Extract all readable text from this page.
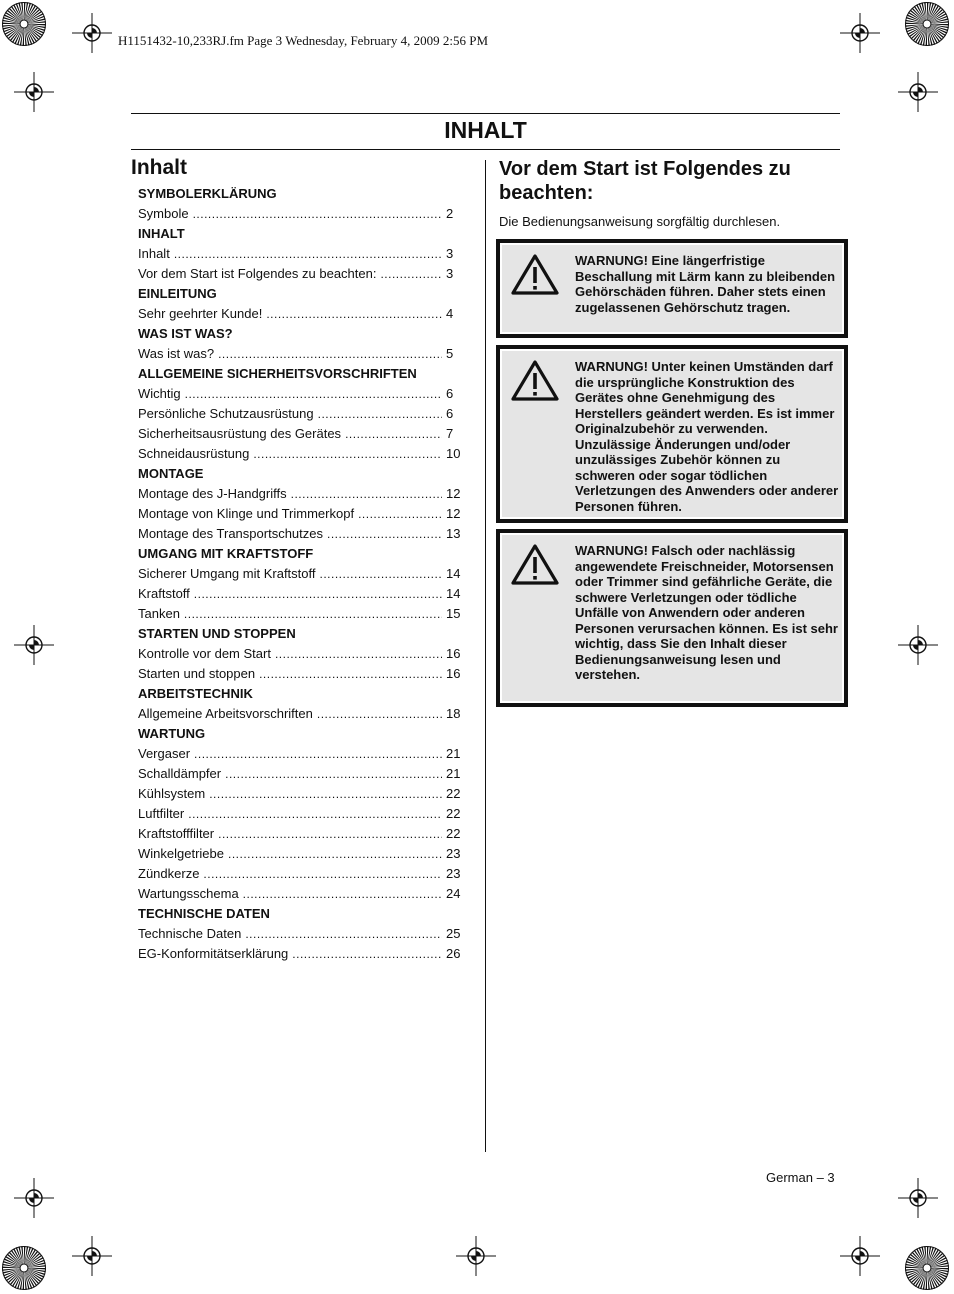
H1151432-10,233RJ.fm Page 3 Wednesday, February 4, 2009 2:56 PM
INHALT
Inhalt
SYMBOLERKLÄRUNG
Symbole .....	2
INHALT
Inhalt .....	3
Vor dem Start ist Folgendes zu beachten: .....	3
EINLEITUNG
Sehr geehrter Kunde! .....	4
WAS IST WAS?
Was ist was? .....	5
ALLGEMEINE SICHERHEITSVORSCHRIFTEN
Wichtig .....	6
Persönliche Schutzausrüstung .....	6
Sicherheitsausrüstung des Gerätes .....	7
Schneidausrüstung .....	10
MONTAGE
Montage des J-Handgriffs .....	12
Montage von Klinge und Trimmerkopf .....	12
Montage des Transportschutzes .....	13
UMGANG MIT KRAFTSTOFF
Sicherer Umgang mit Kraftstoff .....	14
Kraftstoff .....	14
Tanken .....	15
STARTEN UND STOPPEN
Kontrolle vor dem Start .....	16
Starten und stoppen .....	16
ARBEITSTECHNIK
Allgemeine Arbeitsvorschriften .....	18
WARTUNG
Vergaser .....	21
Schalldämpfer .....	21
Kühlsystem .....	22
Luftfilter .....	22
Kraftstofffilter .....	22
Winkelgetriebe .....	23
Zündkerze .....	23
Wartungsschema .....	24
TECHNISCHE DATEN
Technische Daten .....	25
EG-Konformitätserklärung .....	26
Vor dem Start ist Folgendes zu beachten:
Die Bedienungsanweisung sorgfältig durchlesen.
WARNUNG! Eine längerfristige Beschallung mit Lärm kann zu bleibenden Gehörschäden führen. Daher stets einen zugelassenen Gehörschutz tragen.
WARNUNG! Unter keinen Umständen darf die ursprüngliche Konstruktion des Gerätes ohne Genehmigung des Herstellers geändert werden. Es ist immer Originalzubehör zu verwenden. Unzulässige Änderungen und/oder unzulässiges Zubehör können zu schweren oder sogar tödlichen Verletzungen des Anwenders oder anderer Personen führen.
WARNUNG! Falsch oder nachlässig angewendete Freischneider, Motorsensen oder Trimmer sind gefährliche Geräte, die schwere Verletzungen oder tödliche Unfälle von Anwendern oder anderen Personen verursachen können. Es ist sehr wichtig, dass Sie den Inhalt dieser Bedienungsanweisung lesen und verstehen.
German – 3
